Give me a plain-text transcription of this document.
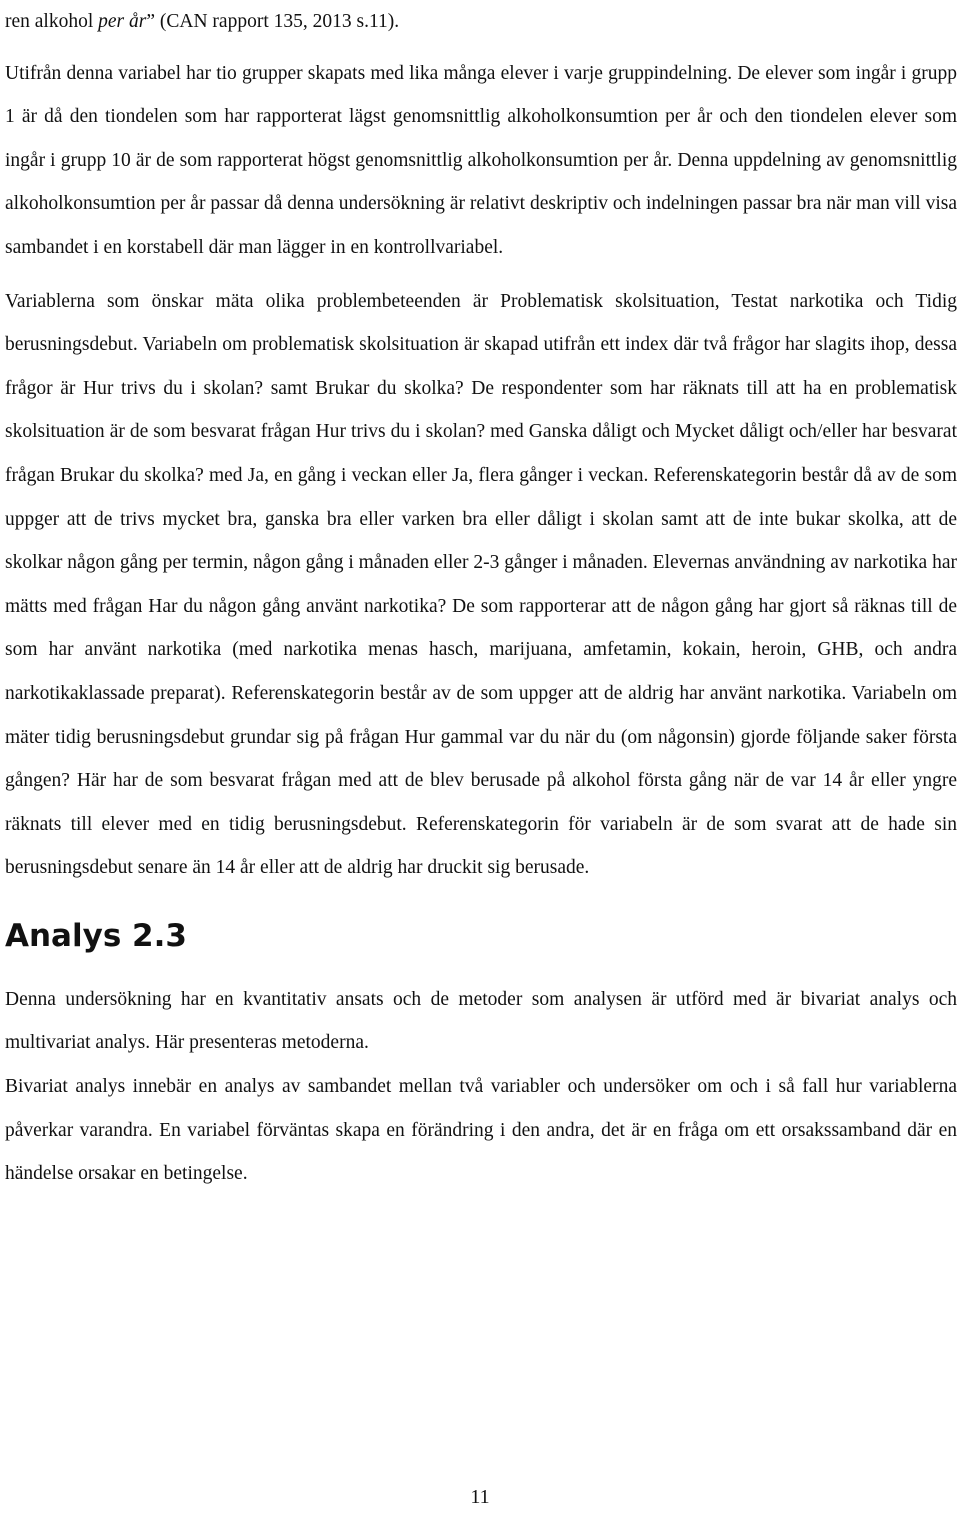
ren alkohol per år” (CAN rapport 135, 2013 s.11).

Utifrån denna variabel har tio grupper skapats med lika många elever i varje gruppindelning. De elever som ingår i grupp 1 är då den tiondelen som har rapporterat lägst genomsnittlig alkoholkonsumtion per år och den tiondelen elever som ingår i grupp 10 är de som rapporterat högst genomsnittlig alkoholkonsumtion per år. Denna uppdelning av genomsnittlig alkoholkonsumtion per år passar då denna undersökning är relativt deskriptiv och indelningen passar bra när man vill visa sambandet i en korstabell där man lägger in en kontrollvariabel.

Variablerna som önskar mäta olika problembeteenden är Problematisk skolsituation, Testat narkotika och Tidig berusningsdebut. Variabeln om problematisk skolsituation är skapad utifrån ett index där två frågor har slagits ihop, dessa frågor är Hur trivs du i skolan? samt Brukar du skolka? De respondenter som har räknats till att ha en problematisk skolsituation är de som besvarat frågan Hur trivs du i skolan? med Ganska dåligt och Mycket dåligt och/eller har besvarat frågan Brukar du skolka? med Ja, en gång i veckan eller Ja, flera gånger i veckan. Referenskategorin består då av de som uppger att de trivs mycket bra, ganska bra eller varken bra eller dåligt i skolan samt att de inte bukar skolka, att de skolkar någon gång per termin, någon gång i månaden eller 2-3 gånger i månaden. Elevernas användning av narkotika har mätts med frågan Har du någon gång använt narkotika? De som rapporterar att de någon gång har gjort så räknas till de som har använt narkotika (med narkotika menas hasch, marijuana, amfetamin, kokain, heroin, GHB, och andra narkotikaklassade preparat). Referenskategorin består av de som uppger att de aldrig har använt narkotika. Variabeln om mäter tidig berusningsdebut grundar sig på frågan Hur gammal var du när du (om någonsin) gjorde följande saker första gången? Här har de som besvarat frågan med att de blev berusade på alkohol första gång när de var 14 år eller yngre räknats till elever med en tidig berusningsdebut. Referenskategorin för variabeln är de som svarat att de hade sin berusningsdebut senare än 14 år eller att de aldrig har druckit sig berusade.

Analys 2.3

Denna undersökning har en kvantitativ ansats och de metoder som analysen är utförd med är bivariat analys och multivariat analys. Här presenteras metoderna.

Bivariat analys innebär en analys av sambandet mellan två variabler och undersöker om och i så fall hur variablerna påverkar varandra. En variabel förväntas skapa en förändring i den andra, det är en fråga om ett orsakssamband där en händelse orsakar en betingelse.

11
